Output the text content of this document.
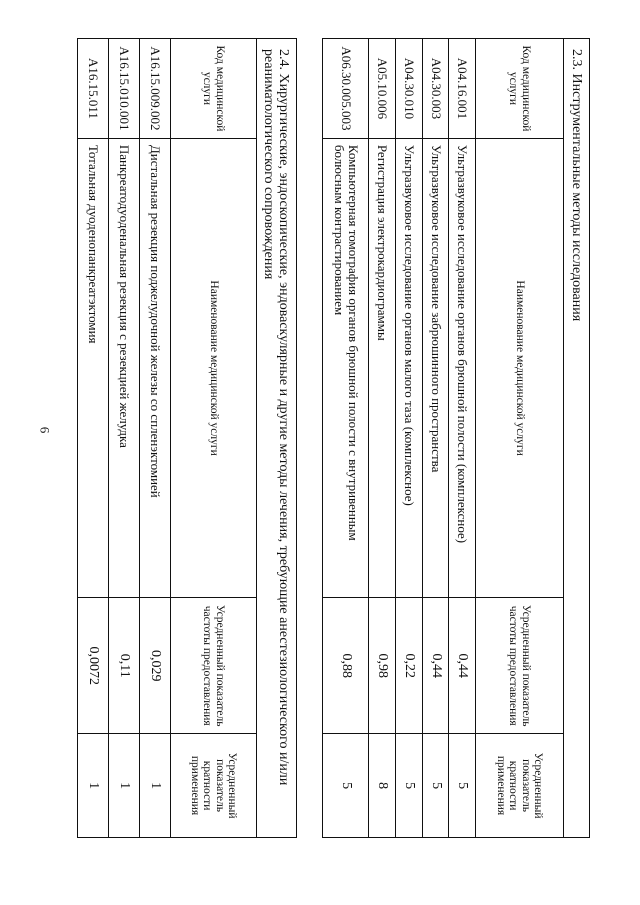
6
2.3. Инструментальные методы исследования			
Код медицинской услуги	Наименование медицинской услуги	Усредненный показатель частоты предоставления	Усредненный показатель кратности применения
A04.16.001	Ультразвуковое исследование органов брюшной полости (комплексное)	0,44	5
A04.30.003	Ультразвуковое исследование забрюшинного пространства	0,44	5
A04.30.010	Ультразвуковое исследование органов малого таза (комплексное)	0,22	5
A05.10.006	Регистрация электрокардиограммы	0,98	8
A06.30.005.003	Компьютерная томография органов брюшной полости с внутривенным болюсным контрастированием	0,88	5
2.4. Хирургические, эндоскопические, эндоваскулярные и другие методы лечения, требующие анестезиологического и/или реаниматологического сопровождения			
Код медицинской услуги	Наименование медицинской услуги	Усредненный показатель частоты предоставления	Усредненный показатель кратности применения
A16.15.009.002	Дистальная резекция поджелудочной железы со спленэктомией	0,029	1
A16.15.010.001	Панкреатодуоденальная резекция с резекцией желудка	0,11	1
A16.15.011	Тотальная дуоденопанкреатэктомия	0,0072	1
